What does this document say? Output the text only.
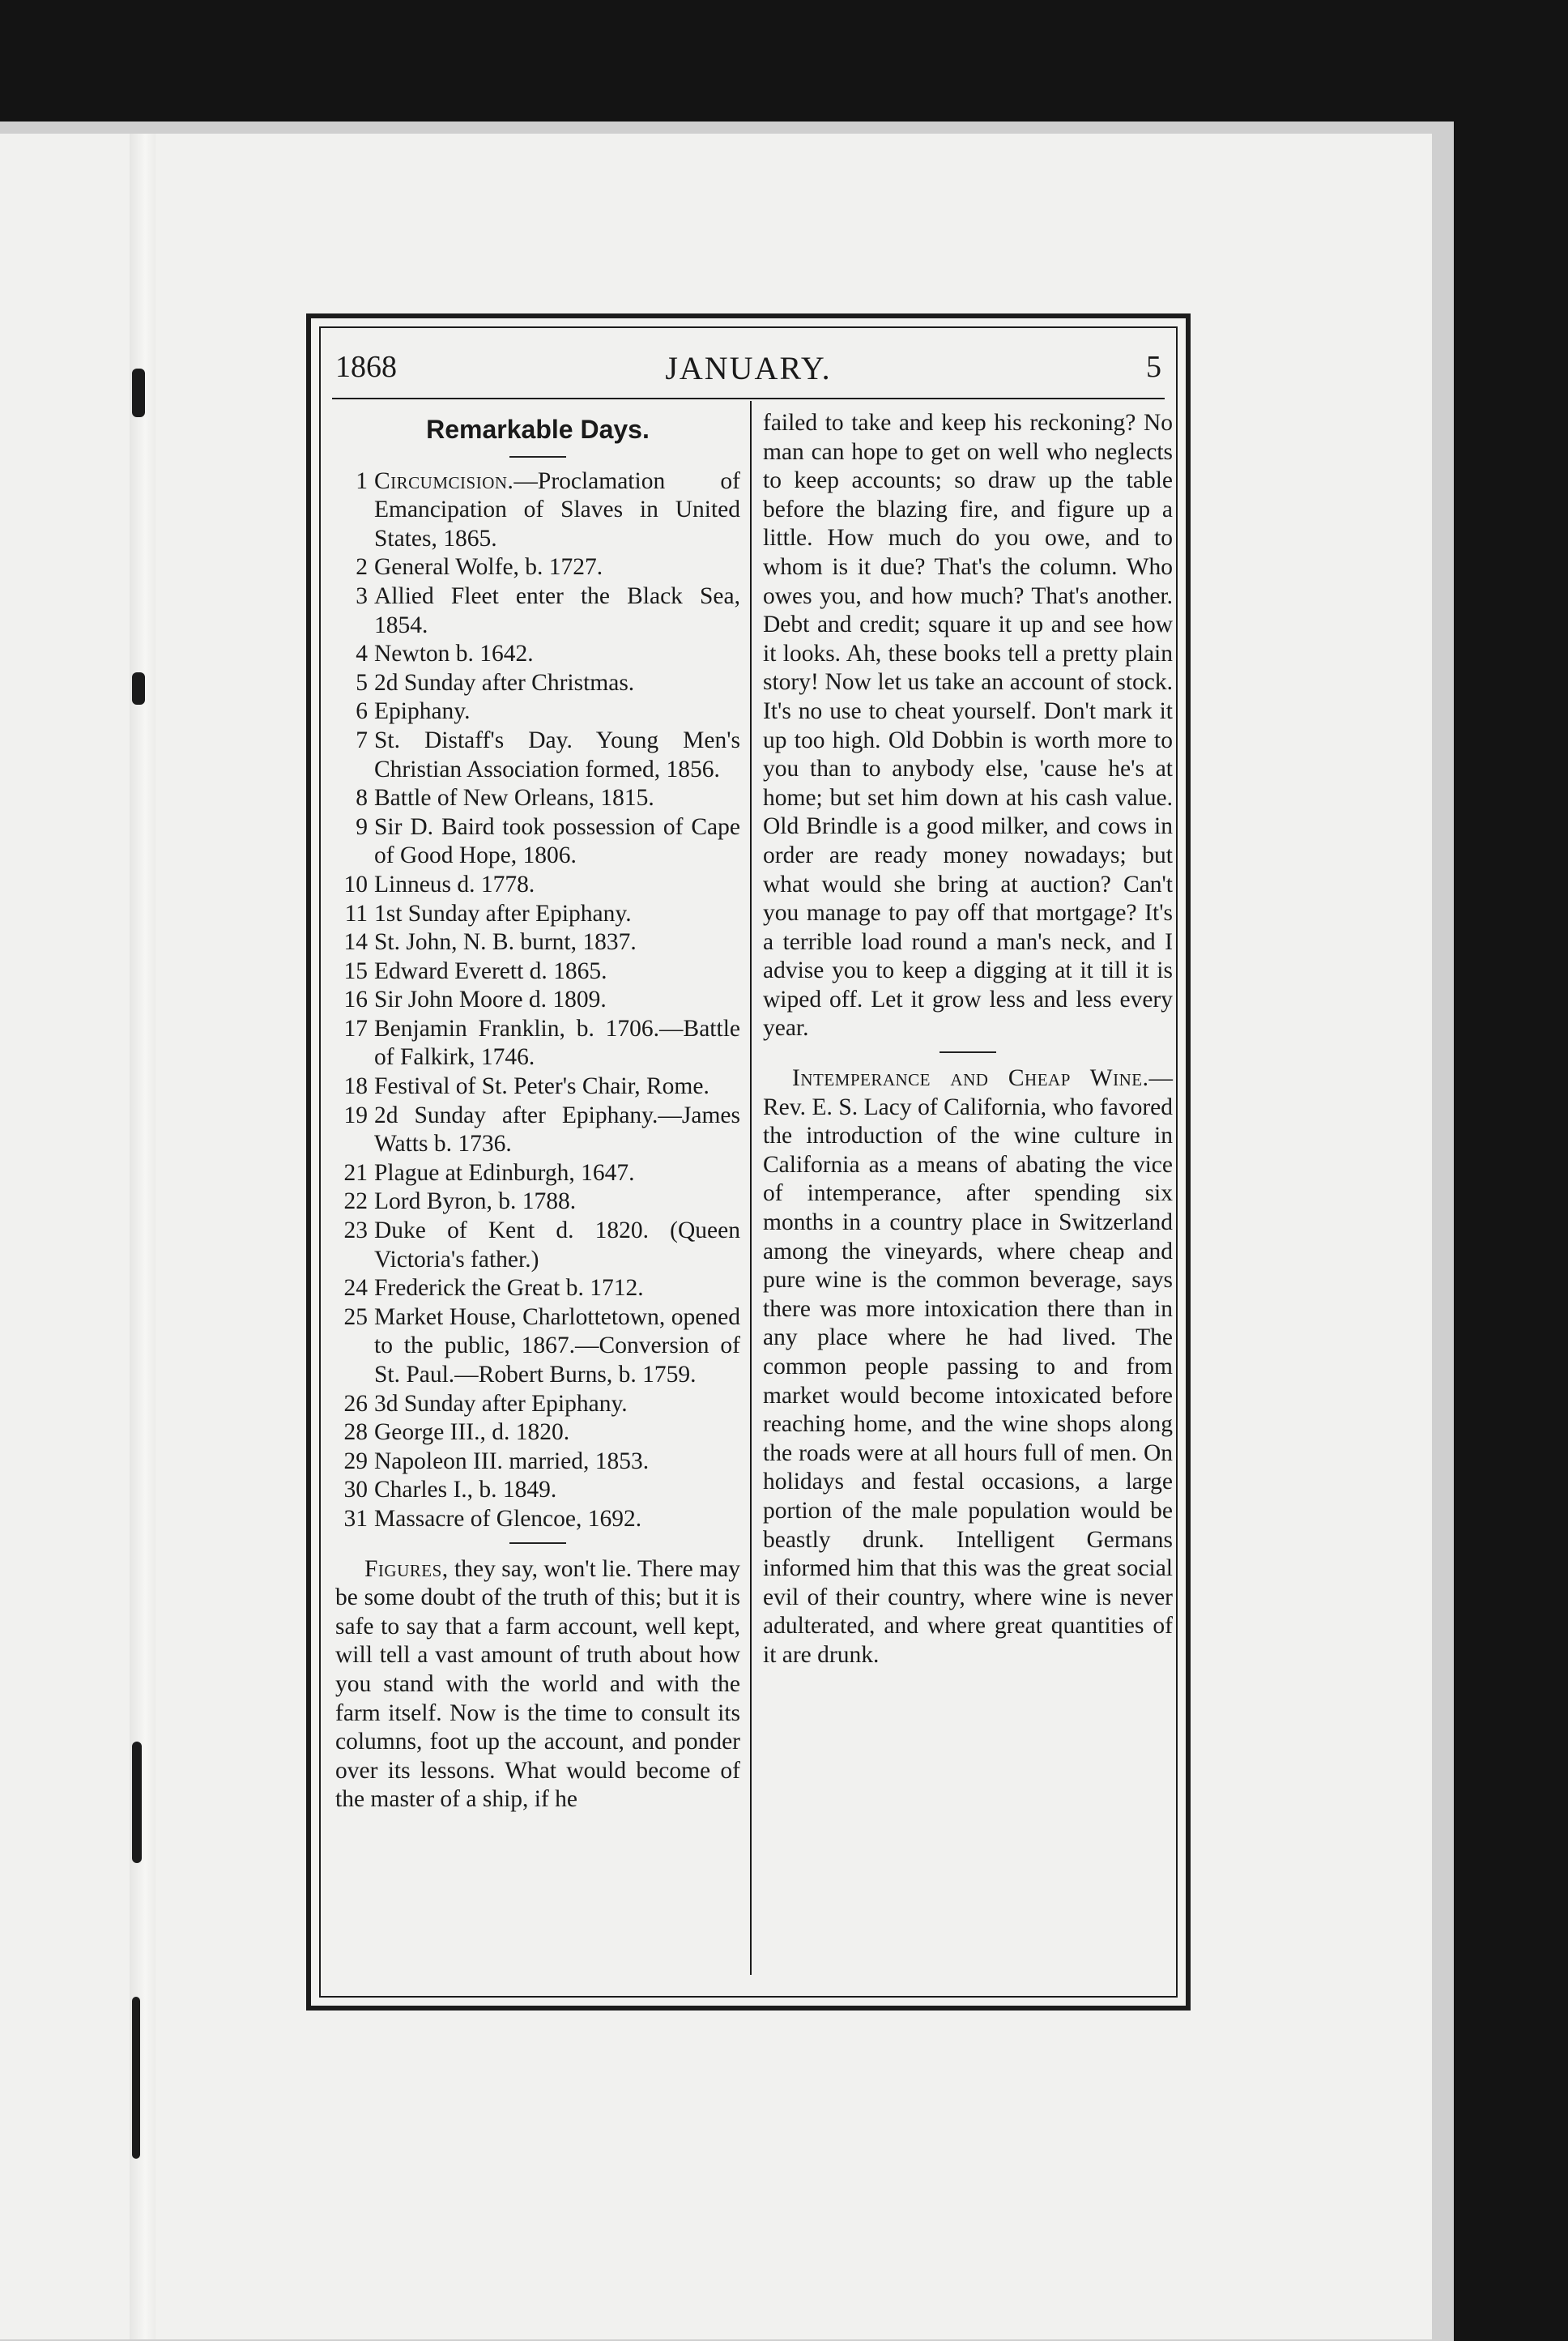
1868	JANUARY.	5
Remarkable Days.
1 Circumcision.—Proclamation of Emancipation of Slaves in United States, 1865.
2 General Wolfe, b. 1727.
3 Allied Fleet enter the Black Sea, 1854.
4 Newton b. 1642.
5 2d Sunday after Christmas.
6 Epiphany.
7 St. Distaff's Day. Young Men's Christian Association formed, 1856.
8 Battle of New Orleans, 1815.
9 Sir D. Baird took possession of Cape of Good Hope, 1806.
10 Linneus d. 1778.
11 1st Sunday after Epiphany.
14 St. John, N. B. burnt, 1837.
15 Edward Everett d. 1865.
16 Sir John Moore d. 1809.
17 Benjamin Franklin, b. 1706.—Battle of Falkirk, 1746.
18 Festival of St. Peter's Chair, Rome.
19 2d Sunday after Epiphany.—James Watts b. 1736.
21 Plague at Edinburgh, 1647.
22 Lord Byron, b. 1788.
23 Duke of Kent d. 1820. (Queen Victoria's father.)
24 Frederick the Great b. 1712.
25 Market House, Charlottetown, opened to the public, 1867.—Conversion of St. Paul.—Robert Burns, b. 1759.
26 3d Sunday after Epiphany.
28 George III., d. 1820.
29 Napoleon III. married, 1853.
30 Charles I., b. 1849.
31 Massacre of Glencoe, 1692.
Figures, they say, won't lie. There may be some doubt of the truth of this; but it is safe to say that a farm account, well kept, will tell a vast amount of truth about how you stand with the world and with the farm itself. Now is the time to consult its columns, foot up the account, and ponder over its lessons. What would become of the master of a ship, if he
failed to take and keep his reckoning? No man can hope to get on well who neglects to keep accounts; so draw up the table before the blazing fire, and figure up a little. How much do you owe, and to whom is it due? That's the column. Who owes you, and how much? That's another. Debt and credit; square it up and see how it looks. Ah, these books tell a pretty plain story! Now let us take an account of stock. It's no use to cheat yourself. Don't mark it up too high. Old Dobbin is worth more to you than to anybody else, 'cause he's at home; but set him down at his cash value. Old Brindle is a good milker, and cows in order are ready money nowadays; but what would she bring at auction? Can't you manage to pay off that mortgage? It's a terrible load round a man's neck, and I advise you to keep a digging at it till it is wiped off. Let it grow less and less every year.
Intemperance and Cheap Wine.—Rev. E. S. Lacy of California, who favored the introduction of the wine culture in California as a means of abating the vice of intemperance, after spending six months in a country place in Switzerland among the vineyards, where cheap and pure wine is the common beverage, says there was more intoxication there than in any place where he had lived. The common people passing to and from market would become intoxicated before reaching home, and the wine shops along the roads were at all hours full of men. On holidays and festal occasions, a large portion of the male population would be beastly drunk. Intelligent Germans informed him that this was the great social evil of their country, where wine is never adulterated, and where great quantities of it are drunk.
